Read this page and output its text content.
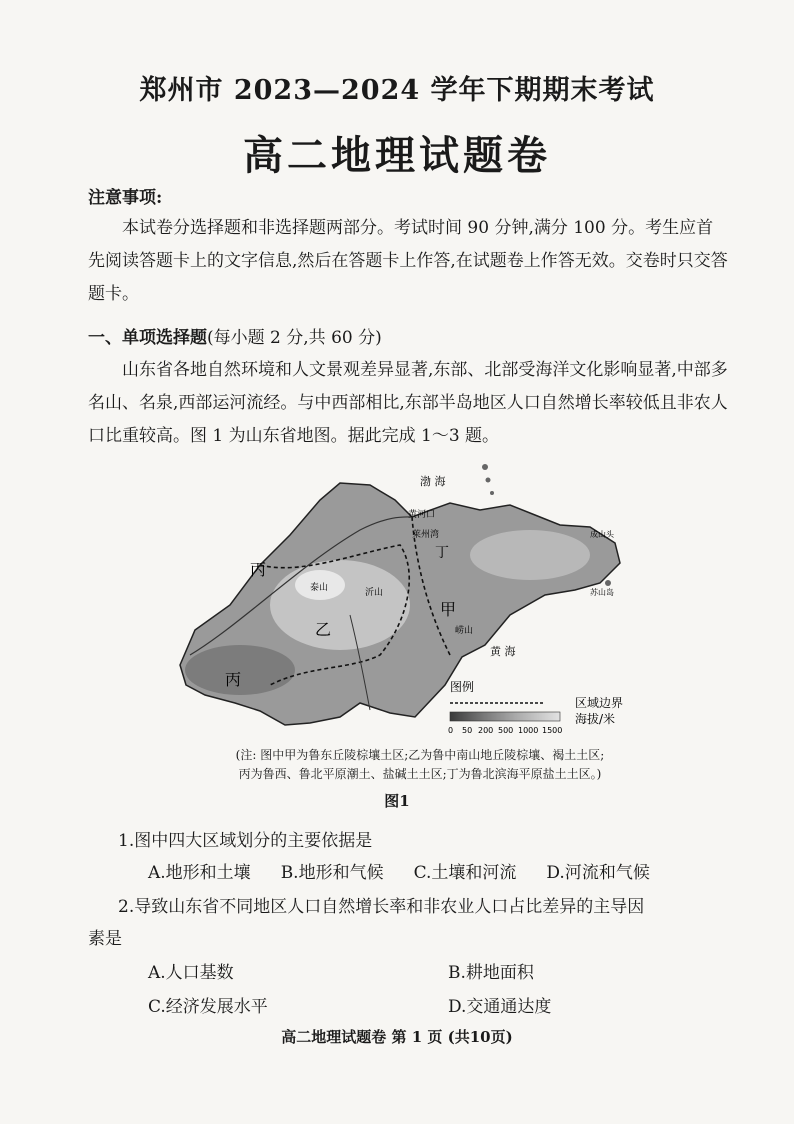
郑州市 2023—2024 学年下期期末考试
高二地理试题卷
注意事项:
本试卷分选择题和非选择题两部分。考试时间 90 分钟,满分 100 分。考生应首先阅读答题卡上的文字信息,然后在答题卡上作答,在试题卷上作答无效。交卷时只交答题卡。
一、单项选择题(每小题 2 分,共 60 分)
山东省各地自然环境和人文景观差异显著,东部、北部受海洋文化影响显著,中部多名山、名泉,西部运河流经。与中西部相比,东部半岛地区人口自然增长率较低且非农人口比重较高。图 1 为山东省地图。据此完成 1～3 题。
渤 海
黄河口
莱州湾
黄 海
丙
丙
乙
甲
丁
成山头
苏山岛
泰山	沂山
崂山
图例
区域边界
海拔/米
0 50 200 500 1000 1500
(注: 图中甲为鲁东丘陵棕壤土区;乙为鲁中南山地丘陵棕壤、褐土土区;
丙为鲁西、鲁北平原潮土、盐碱土土区;丁为鲁北滨海平原盐土土区。)
图1
1.图中四大区域划分的主要依据是
A.地形和土壤 B.地形和气候 C.土壤和河流 D.河流和气候
2.导致山东省不同地区人口自然增长率和非农业人口占比差异的主导因
素是
A.人口基数	B.耕地面积
C.经济发展水平	D.交通通达度
高二地理试题卷 第 1 页 (共10页)
